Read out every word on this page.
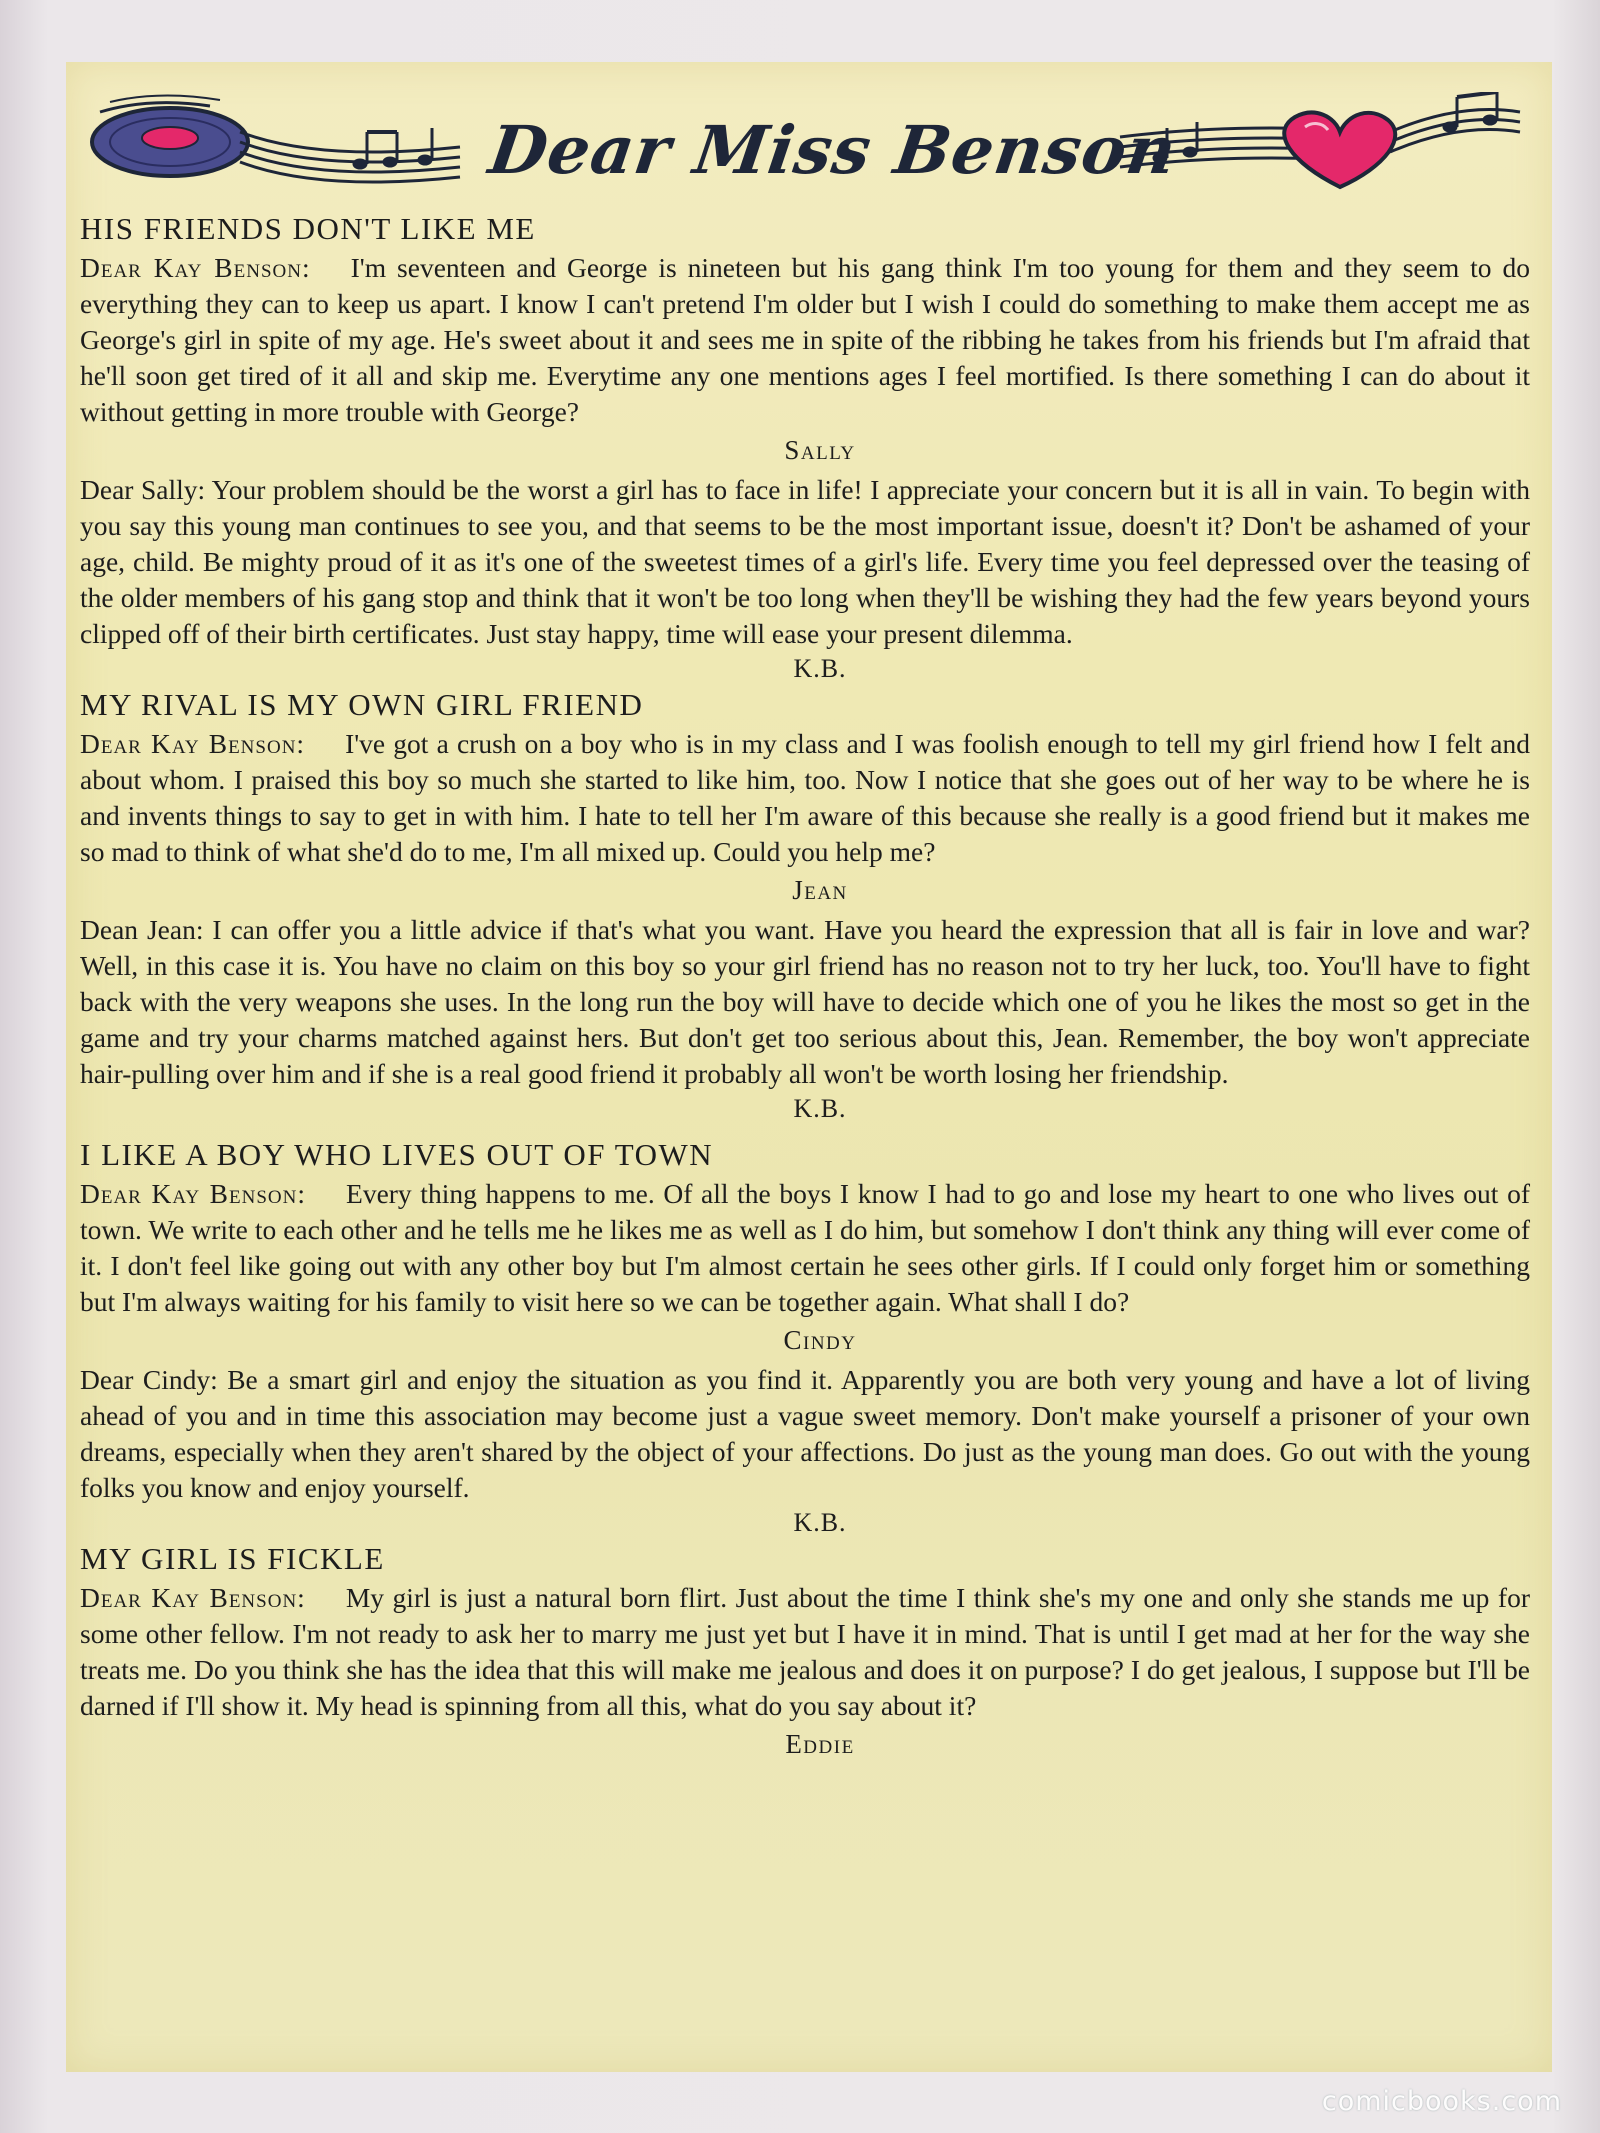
Dear Miss Benson

HIS FRIENDS DON'T LIKE ME

Dear Kay Benson: I'm seventeen and George is nineteen but his gang think I'm too young for them and they seem to do everything they can to keep us apart. I know I can't pretend I'm older but I wish I could do something to make them accept me as George's girl in spite of my age. He's sweet about it and sees me in spite of the ribbing he takes from his friends but I'm afraid that he'll soon get tired of it all and skip me. Everytime any one mentions ages I feel mortified. Is there something I can do about it without getting in more trouble with George?

Sally

Dear Sally: Your problem should be the worst a girl has to face in life! I appreciate your concern but it is all in vain. To begin with you say this young man continues to see you, and that seems to be the most important issue, doesn't it? Don't be ashamed of your age, child. Be mighty proud of it as it's one of the sweetest times of a girl's life. Every time you feel depressed over the teasing of the older members of his gang stop and think that it won't be too long when they'll be wishing they had the few years beyond yours clipped off of their birth certificates. Just stay happy, time will ease your present dilemma.

K.B.

MY RIVAL IS MY OWN GIRL FRIEND

Dear Kay Benson: I've got a crush on a boy who is in my class and I was foolish enough to tell my girl friend how I felt and about whom. I praised this boy so much she started to like him, too. Now I notice that she goes out of her way to be where he is and invents things to say to get in with him. I hate to tell her I'm aware of this because she really is a good friend but it makes me so mad to think of what she'd do to me, I'm all mixed up. Could you help me?

Jean

Dean Jean: I can offer you a little advice if that's what you want. Have you heard the expression that all is fair in love and war? Well, in this case it is. You have no claim on this boy so your girl friend has no reason not to try her luck, too. You'll have to fight back with the very weapons she uses. In the long run the boy will have to decide which one of you he likes the most so get in the game and try your charms matched against hers. But don't get too serious about this, Jean. Remember, the boy won't appreciate hair-pulling over him and if she is a real good friend it probably all won't be worth losing her friendship.

K.B.

I LIKE A BOY WHO LIVES OUT OF TOWN

Dear Kay Benson: Every thing happens to me. Of all the boys I know I had to go and lose my heart to one who lives out of town. We write to each other and he tells me he likes me as well as I do him, but somehow I don't think any thing will ever come of it. I don't feel like going out with any other boy but I'm almost certain he sees other girls. If I could only forget him or something but I'm always waiting for his family to visit here so we can be together again. What shall I do?

Cindy

Dear Cindy: Be a smart girl and enjoy the situation as you find it. Apparently you are both very young and have a lot of living ahead of you and in time this association may become just a vague sweet memory. Don't make yourself a prisoner of your own dreams, especially when they aren't shared by the object of your affections. Do just as the young man does. Go out with the young folks you know and enjoy yourself.

K.B.

MY GIRL IS FICKLE

Dear Kay Benson: My girl is just a natural born flirt. Just about the time I think she's my one and only she stands me up for some other fellow. I'm not ready to ask her to marry me just yet but I have it in mind. That is until I get mad at her for the way she treats me. Do you think she has the idea that this will make me jealous and does it on purpose? I do get jealous, I suppose but I'll be darned if I'll show it. My head is spinning from all this, what do you say about it?

Eddie

comicbooks.com
